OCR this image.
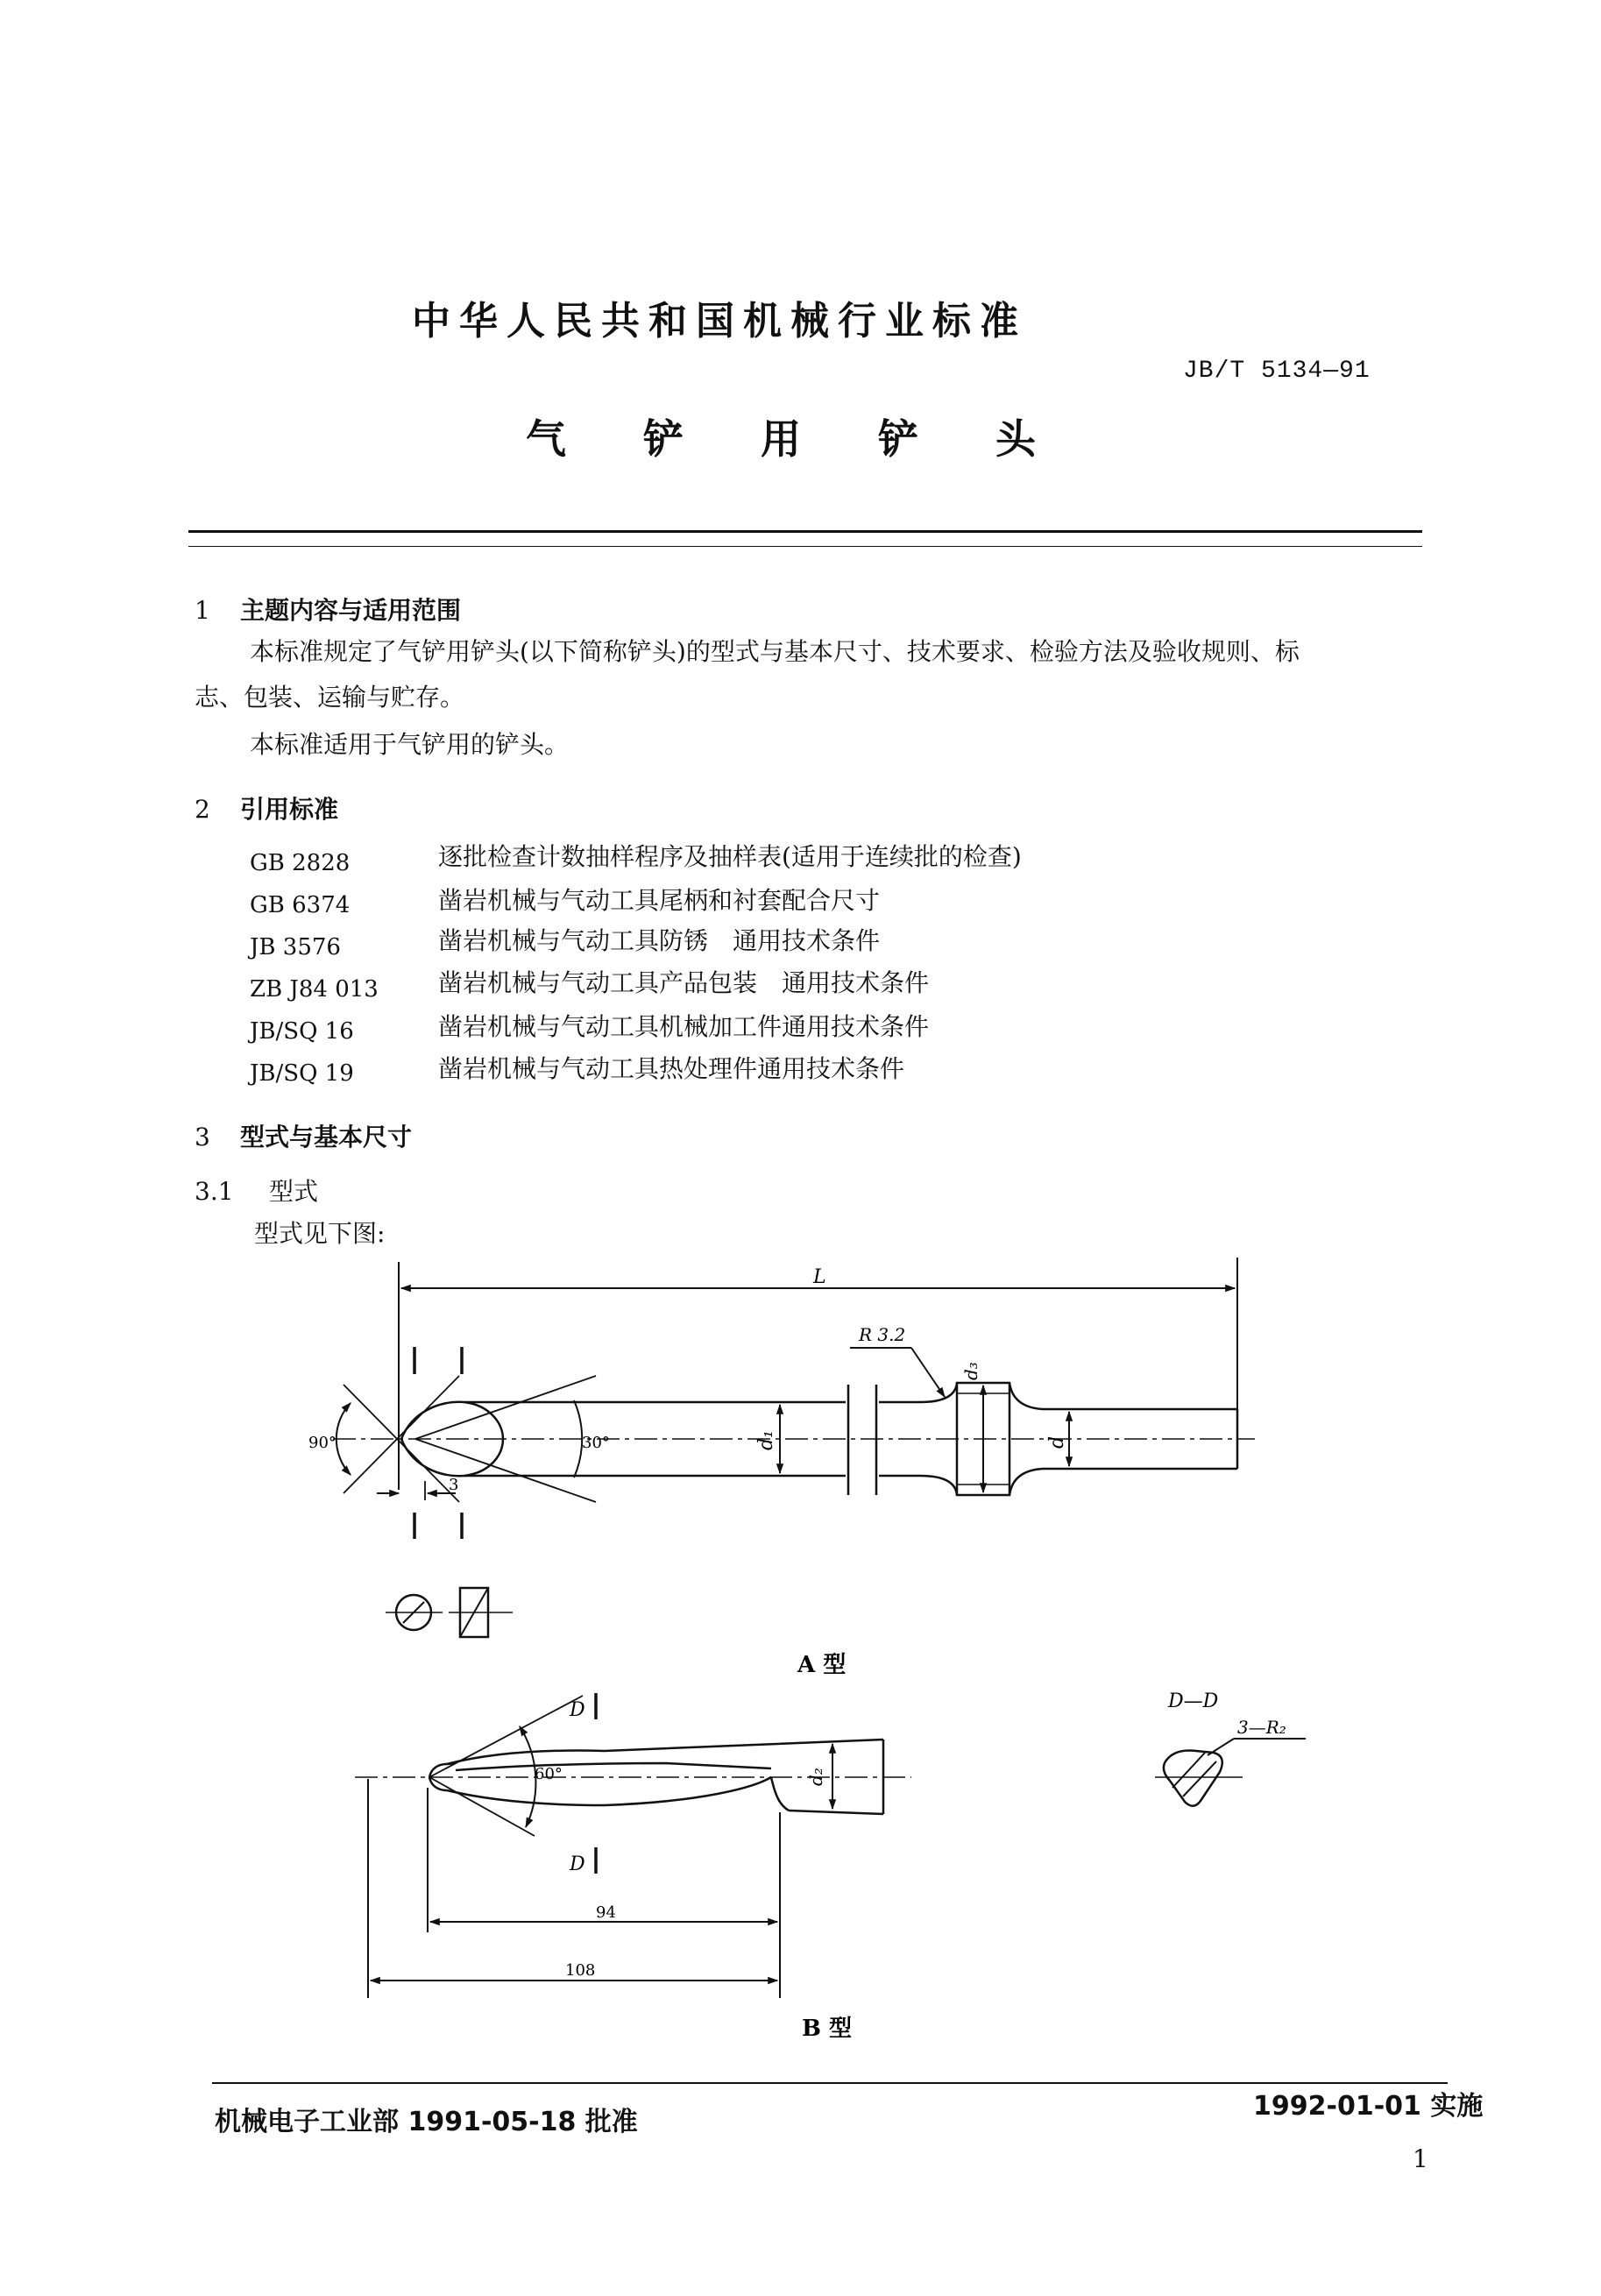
中华人民共和国机械行业标准
JB/T 5134—91
气 铲 用 铲 头
1 主题内容与适用范围
本标准规定了气铲用铲头(以下简称铲头)的型式与基本尺寸、技术要求、检验方法及验收规则、标
志、包装、运输与贮存。
本标准适用于气铲用的铲头。
2 引用标准
GB 2828	逐批检查计数抽样程序及抽样表(适用于连续批的检查)
GB 6374	凿岩机械与气动工具尾柄和衬套配合尺寸
JB 3576	凿岩机械与气动工具防锈　通用技术条件
ZB J84 013 凿岩机械与气动工具产品包装　通用技术条件
JB/SQ 16	凿岩机械与气动工具机械加工件通用技术条件
JB/SQ 19	凿岩机械与气动工具热处理件通用技术条件
3 型式与基本尺寸
3.1 型式
型式见下图:
L
R 3.2
d₃
d₁	d
90°	30°
3
A 型
D
D
60°	d₂
94
108
D—D
3—R₂
B 型
机械电子工业部 1991-05-18 批准
1992-01-01 实施
1
